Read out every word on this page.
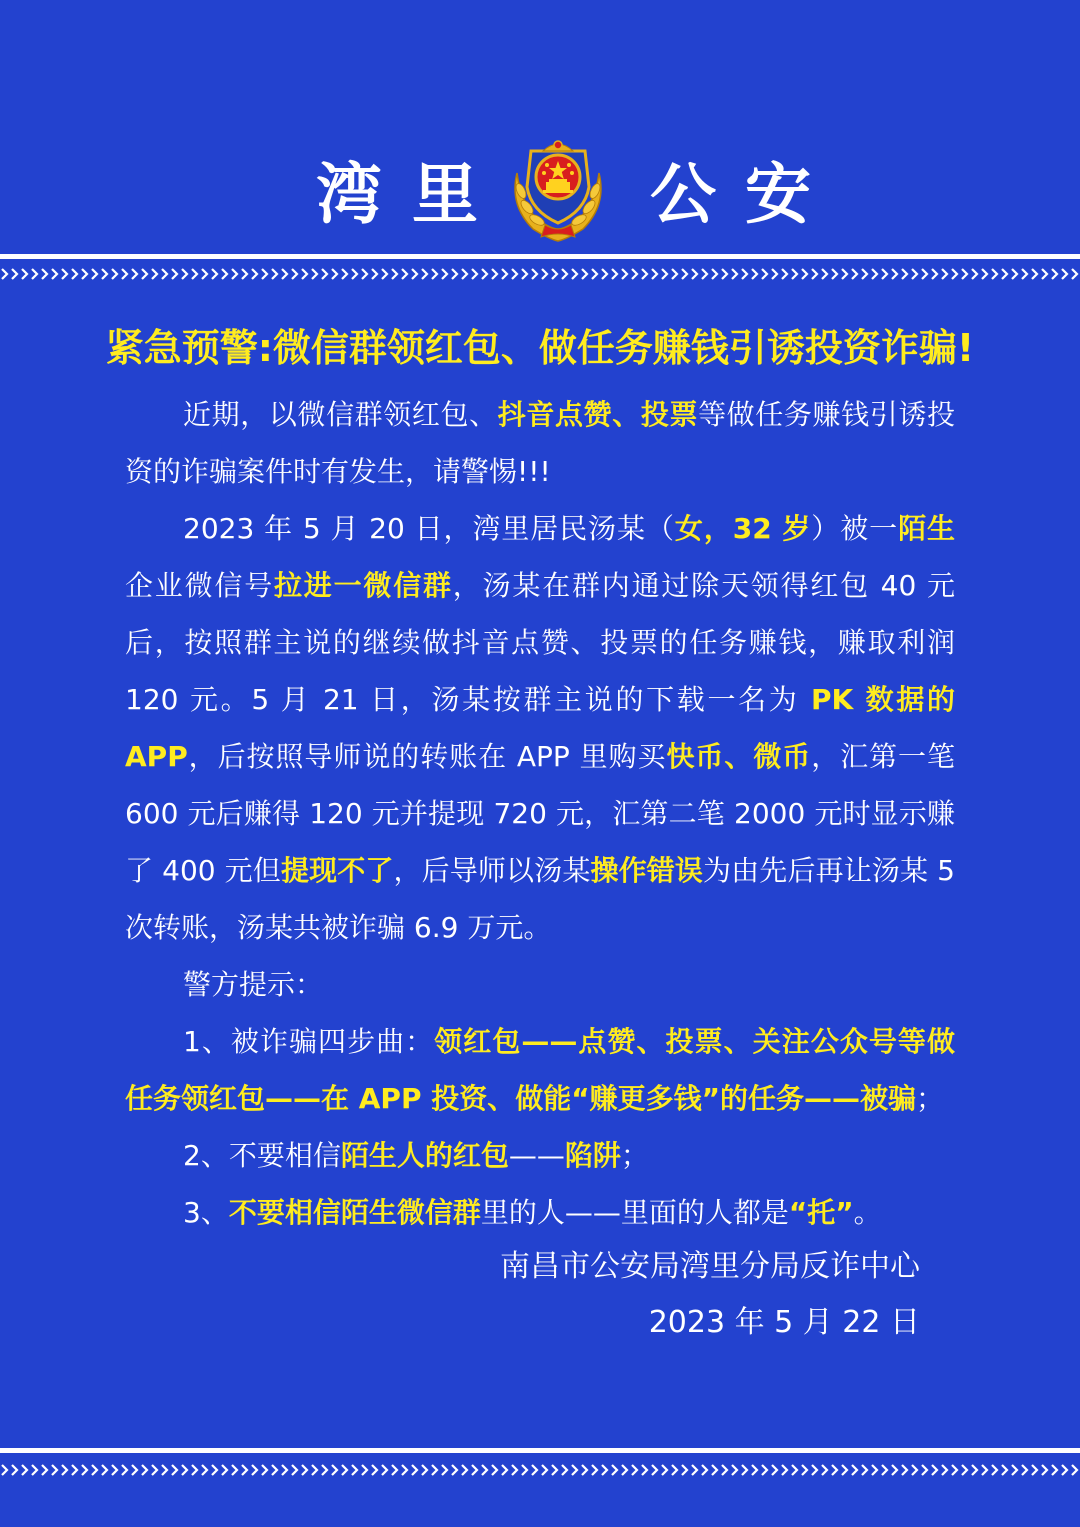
湾 里	公 安
紧急预警:微信群领红包、做任务赚钱引诱投资诈骗!

近期，以微信群领红包、抖音点赞、投票等做任务赚钱引诱投资的诈骗案件时有发生，请警惕!!!

2023 年 5 月 20 日，湾里居民汤某（女，32 岁）被一陌生企业微信号拉进一微信群，汤某在群内通过除天领得红包 40 元后，按照群主说的继续做抖音点赞、投票的任务赚钱，赚取利润 120 元。5 月 21 日，汤某按群主说的下载一名为 PK 数据的 APP，后按照导师说的转账在 APP 里购买快币、微币，汇第一笔 600 元后赚得 120 元并提现 720 元，汇第二笔 2000 元时显示赚了 400 元但提现不了，后导师以汤某操作错误为由先后再让汤某 5 次转账，汤某共被诈骗 6.9 万元。

警方提示：

1、被诈骗四步曲：领红包——点赞、投票、关注公众号等做任务领红包——在 APP 投资、做能“赚更多钱”的任务——被骗；

2、不要相信陌生人的红包——陷阱；

3、不要相信陌生微信群里的人——里面的人都是“托”。

南昌市公安局湾里分局反诈中心
2023 年 5 月 22 日
